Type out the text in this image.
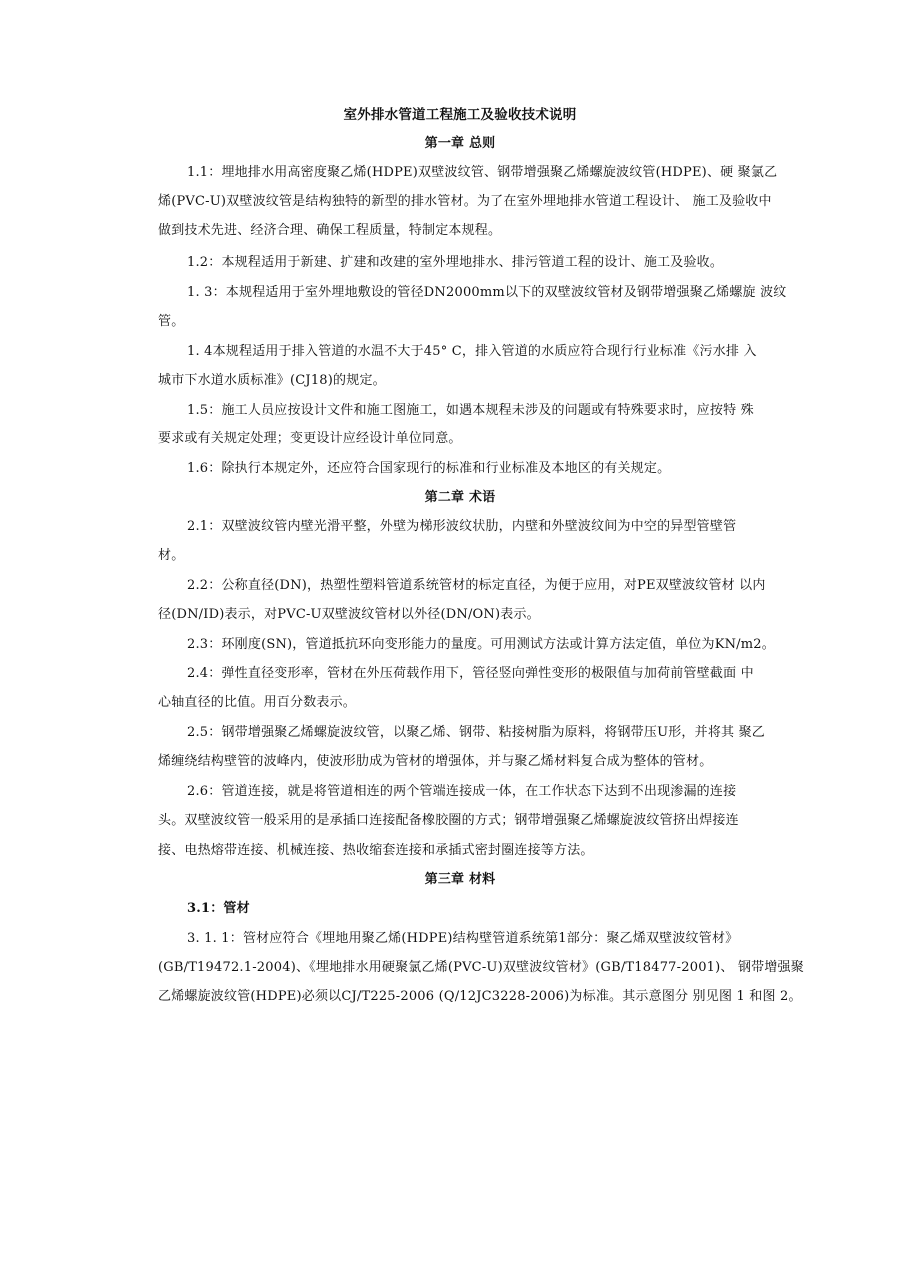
室外排水管道工程施工及验收技术说明
第一章 总则
1.1：埋地排水用高密度聚乙烯(HDPE)双壁波纹管、钢带增强聚乙烯螺旋波纹管(HDPE)、硬 聚氯乙
烯(PVC-U)双壁波纹管是结构独特的新型的排水管材。为了在室外埋地排水管道工程设计、 施工及验收中
做到技术先进、经济合理、确保工程质量，特制定本规程。
1.2：本规程适用于新建、扩建和改建的室外埋地排水、排污管道工程的设计、施工及验收。
1. 3：本规程适用于室外埋地敷设的管径DN2000mm以下的双壁波纹管材及钢带增强聚乙烯螺旋 波纹
管。
1. 4本规程适用于排入管道的水温不大于45° C，排入管道的水质应符合现行行业标准《污水排 入
城市下水道水质标准》(CJ18)的规定。
1.5：施工人员应按设计文件和施工图施工，如遇本规程未涉及的问题或有特殊要求时，应按特 殊
要求或有关规定处理；变更设计应经设计单位同意。
1.6：除执行本规定外，还应符合国家现行的标准和行业标准及本地区的有关规定。
第二章 术语
2.1：双壁波纹管内壁光滑平整，外壁为梯形波纹状肋，内壁和外壁波纹间为中空的异型管壁管
材。
2.2：公称直径(DN)，热塑性塑料管道系统管材的标定直径，为便于应用，对PE双壁波纹管材 以内
径(DN/ID)表示，对PVC-U双壁波纹管材以外径(DN/ON)表示。
2.3：环刚度(SN)，管道抵抗环向变形能力的量度。可用测试方法或计算方法定值，单位为KN/m2。
2.4：弹性直径变形率，管材在外压荷载作用下，管径竖向弹性变形的极限值与加荷前管壁截面 中
心轴直径的比值。用百分数表示。
2.5：钢带增强聚乙烯螺旋波纹管，以聚乙烯、钢带、粘接树脂为原料，将钢带压U形，并将其 聚乙
烯缠绕结构壁管的波峰内，使波形肋成为管材的增强体，并与聚乙烯材料复合成为整体的管材。
2.6：管道连接，就是将管道相连的两个管端连接成一体，在工作状态下达到不出现渗漏的连接
头。双壁波纹管一般采用的是承插口连接配备橡胶圈的方式；钢带增强聚乙烯螺旋波纹管挤出焊接连
接、电热熔带连接、机械连接、热收缩套连接和承插式密封圈连接等方法。
第三章 材料
3.1：管材
3. 1. 1：管材应符合《埋地用聚乙烯(HDPE)结构壁管道系统第1部分：聚乙烯双壁波纹管材》
(GB/T19472.1-2004)、《埋地排水用硬聚氯乙烯(PVC-U)双壁波纹管材》(GB/T18477-2001)、 钢带增强聚
乙烯螺旋波纹管(HDPE)必须以CJ/T225-2006 (Q/12JC3228-2006)为标准。其示意图分 别见图 1 和图 2。
